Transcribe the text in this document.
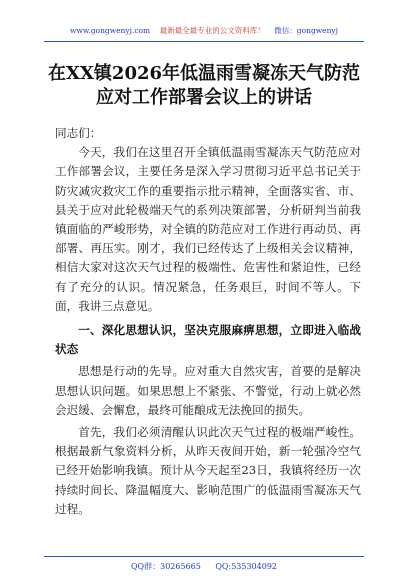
www.gongwenyj.com 最新最全最专业的公文资料库！ 微信：gongwenyj
在XX镇2026年低温雨雪凝冻天气防范
应对工作部署会议上的讲话

同志们：

今天，我们在这里召开全镇低温雨雪凝冻天气防范应对工作部署会议，主要任务是深入学习贯彻习近平总书记关于防灾减灾救灾工作的重要指示批示精神，全面落实省、市、县关于应对此轮极端天气的系列决策部署，分析研判当前我镇面临的严峻形势，对全镇的防范应对工作进行再动员、再部署、再压实。刚才，我们已经传达了上级相关会议精神，相信大家对这次天气过程的极端性、危害性和紧迫性，已经有了充分的认识。情况紧急，任务艰巨，时间不等人。下面，我讲三点意见。

一、深化思想认识，坚决克服麻痹思想，立即进入临战状态

思想是行动的先导。应对重大自然灾害，首要的是解决思想认识问题。如果思想上不紧张、不警觉，行动上就必然会迟缓、会懈怠，最终可能酿成无法挽回的损失。

首先，我们必须清醒认识此次天气过程的极端严峻性。根据最新气象资料分析，从昨天夜间开始，新一轮强冷空气已经开始影响我镇。预计从今天起至23日，我镇将经历一次持续时间长、降温幅度大、影响范围广的低温雨雪凝冻天气过程。

QQ群：30265665 QQ:535304092
